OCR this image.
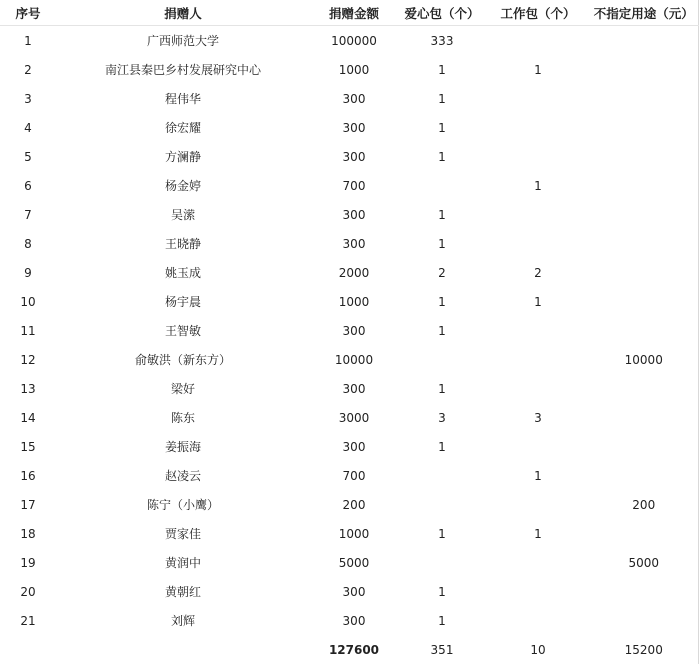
序号	捐赠人	捐赠金额	爱心包（个）	工作包（个）	不指定用途（元）
1	广西师范大学	100000	333		
2	南江县秦巴乡村发展研究中心	1000	1	1	
3	程伟华	300	1		
4	徐宏耀	300	1		
5	方澜静	300	1		
6	杨金婷	700		1	
7	吴潆	300	1		
8	王晓静	300	1		
9	姚玉成	2000	2	2	
10	杨宇晨	1000	1	1	
11	王智敏	300	1		
12	俞敏洪（新东方）	10000			10000
13	梁好	300	1		
14	陈东	3000	3	3	
15	姜振海	300	1		
16	赵凌云	700		1	
17	陈宁（小鹰）	200			200
18	贾家佳	1000	1	1	
19	黄润中	5000			5000
20	黄朝红	300	1		
21	刘辉	300	1		
		127600	351	10	15200
